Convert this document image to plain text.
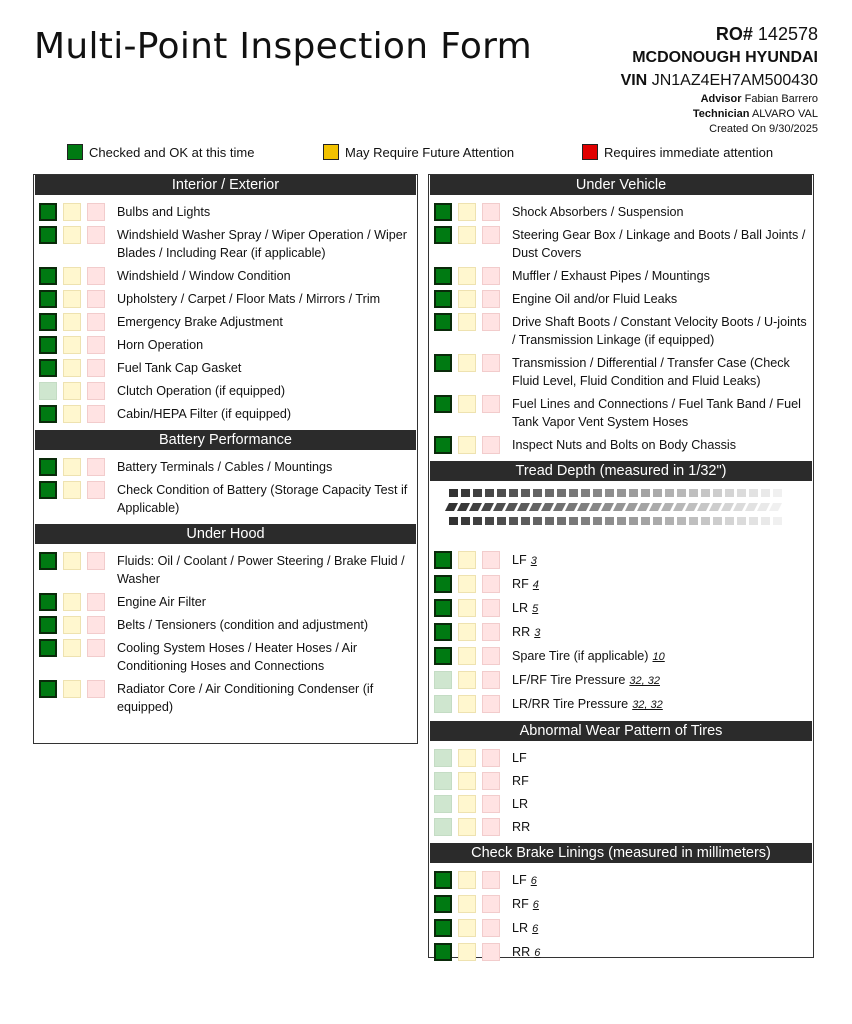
Multi-Point Inspection Form	RO# 142578
MCDONOUGH HYUNDAI
VIN JN1AZ4EH7AM500430
Advisor Fabian Barrero
Technician ALVARO VAL
Created On 9/30/2025
Checked and OK at this time	May Require Future Attention	Requires immediate attention
Interior / Exterior
Bulbs and Lights
Windshield Washer Spray / Wiper Operation / Wiper Blades / Including Rear (if applicable)
Windshield / Window Condition
Upholstery / Carpet / Floor Mats / Mirrors / Trim
Emergency Brake Adjustment
Horn Operation
Fuel Tank Cap Gasket
Clutch Operation (if equipped)
Cabin/HEPA Filter (if equipped)
Battery Performance
Battery Terminals / Cables / Mountings
Check Condition of Battery (Storage Capacity Test if Applicable)
Under Hood
Fluids: Oil / Coolant / Power Steering / Brake Fluid / Washer
Engine Air Filter
Belts / Tensioners (condition and adjustment)
Cooling System Hoses / Heater Hoses / Air Conditioning Hoses and Connections
Radiator Core / Air Conditioning Condenser (if equipped)
Under Vehicle
Shock Absorbers / Suspension
Steering Gear Box / Linkage and Boots / Ball Joints / Dust Covers
Muffler / Exhaust Pipes / Mountings
Engine Oil and/or Fluid Leaks
Drive Shaft Boots / Constant Velocity Boots / U-joints / Transmission Linkage (if equipped)
Transmission / Differential / Transfer Case (Check Fluid Level, Fluid Condition and Fluid Leaks)
Fuel Lines and Connections / Fuel Tank Band / Fuel Tank Vapor Vent System Hoses
Inspect Nuts and Bolts on Body Chassis
Tread Depth (measured in 1/32")
LF 3
RF 4
LR 5
RR 3
Spare Tire (if applicable) 10
LF/RF Tire Pressure 32, 32
LR/RR Tire Pressure 32, 32
Abnormal Wear Pattern of Tires
LF
RF
LR
RR
Check Brake Linings (measured in millimeters)
LF 6
RF 6
LR 6
RR 6
